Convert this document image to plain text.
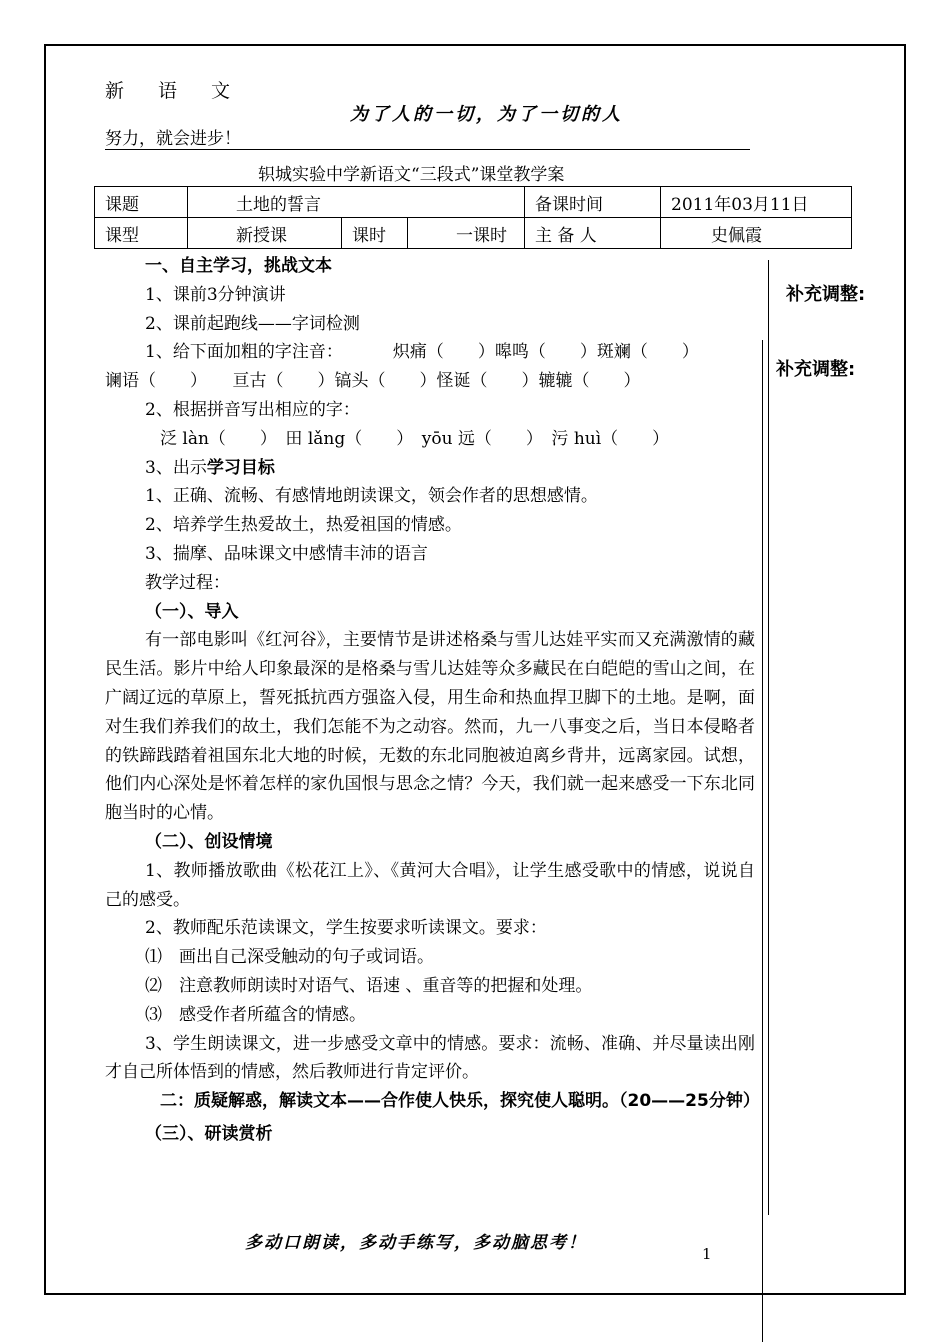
新语文
努力，就会进步！
为了人的一切，为了一切的人
轵城实验中学新语文“三段式”课堂教学案
课题	土地的誓言			备课时间	2011年03月11日
课型	新授课	课时	一课时	主 备 人	史佩霞
补充调整:
补充调整:

一、自主学习，挑战文本

1、课前3分钟演讲

2、课前起跑线——字词检测

1、给下面加粗的字注音：	炽痛（　　）嗥鸣（　　）斑斓（　　）

谰语（　　）　　亘古（　　）镐头（　　）怪诞（　　）辘辘（　　）

2、根据拼音写出相应的字：

泛 làn（　　）　田 lǎng（　　）　yōu 远（　　）　污 huì（　　）

3、出示学习目标

1、正确、流畅、有感情地朗读课文，领会作者的思想感情。

2、培养学生热爱故土，热爱祖国的情感。

3、揣摩、品味课文中感情丰沛的语言

教学过程：

（一）、导入

有一部电影叫《红河谷》，主要情节是讲述格桑与雪儿达娃平实而又充满激情的藏民生活。影片中给人印象最深的是格桑与雪儿达娃等众多藏民在白皑皑的雪山之间，在广阔辽远的草原上，誓死抵抗西方强盗入侵，用生命和热血捍卫脚下的土地。是啊，面对生我们养我们的故土，我们怎能不为之动容。然而，九一八事变之后，当日本侵略者的铁蹄践踏着祖国东北大地的时候，无数的东北同胞被迫离乡背井，远离家园。试想，他们内心深处是怀着怎样的家仇国恨与思念之情？今天，我们就一起来感受一下东北同胞当时的心情。

（二）、创设情境

1、教师播放歌曲《松花江上》、《黄河大合唱》，让学生感受歌中的情感，说说自己的感受。

2、教师配乐范读课文，学生按要求听读课文。要求：

⑴　画出自己深受触动的句子或词语。

⑵　注意教师朗读时对语气、语速 、重音等的把握和处理。

⑶　感受作者所蕴含的情感。

3、学生朗读课文，进一步感受文章中的情感。要求：流畅、准确、并尽量读出刚才自己所体悟到的情感，然后教师进行肯定评价。

二：质疑解惑，解读文本——合作使人快乐，探究使人聪明。（20——25分钟）

（三）、研读赏析

多动口朗读，多动手练写，多动脑思考！
1
